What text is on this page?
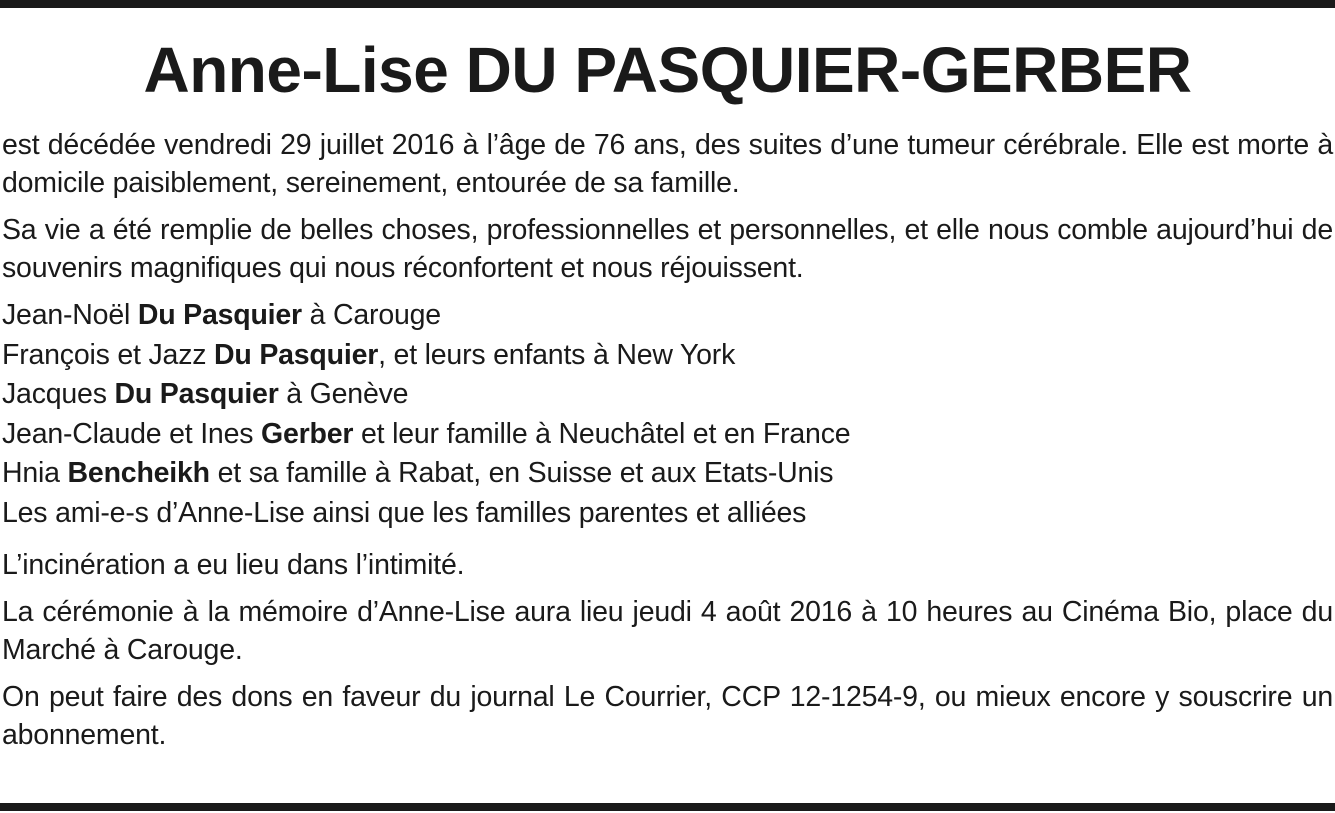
Anne-Lise DU PASQUIER-GERBER

est décédée vendredi 29 juillet 2016 à l’âge de 76 ans, des suites d’une tumeur cérébrale. Elle est morte à domicile paisiblement, sereinement, entourée de sa famille.

Sa vie a été remplie de belles choses, professionnelles et personnelles, et elle nous comble aujourd’hui de souvenirs magnifiques qui nous réconfortent et nous réjouissent.

Jean-Noël Du Pasquier à Carouge
François et Jazz Du Pasquier, et leurs enfants à New York
Jacques Du Pasquier à Genève
Jean-Claude et Ines Gerber et leur famille à Neuchâtel et en France
Hnia Bencheikh et sa famille à Rabat, en Suisse et aux Etats-Unis
Les ami-e-s d’Anne-Lise ainsi que les familles parentes et alliées

L’incinération a eu lieu dans l’intimité.

La cérémonie à la mémoire d’Anne-Lise aura lieu jeudi 4 août 2016 à 10 heures au Cinéma Bio, place du Marché à Carouge.

On peut faire des dons en faveur du journal Le Courrier, CCP 12-1254-9, ou mieux encore y souscrire un abonnement.
